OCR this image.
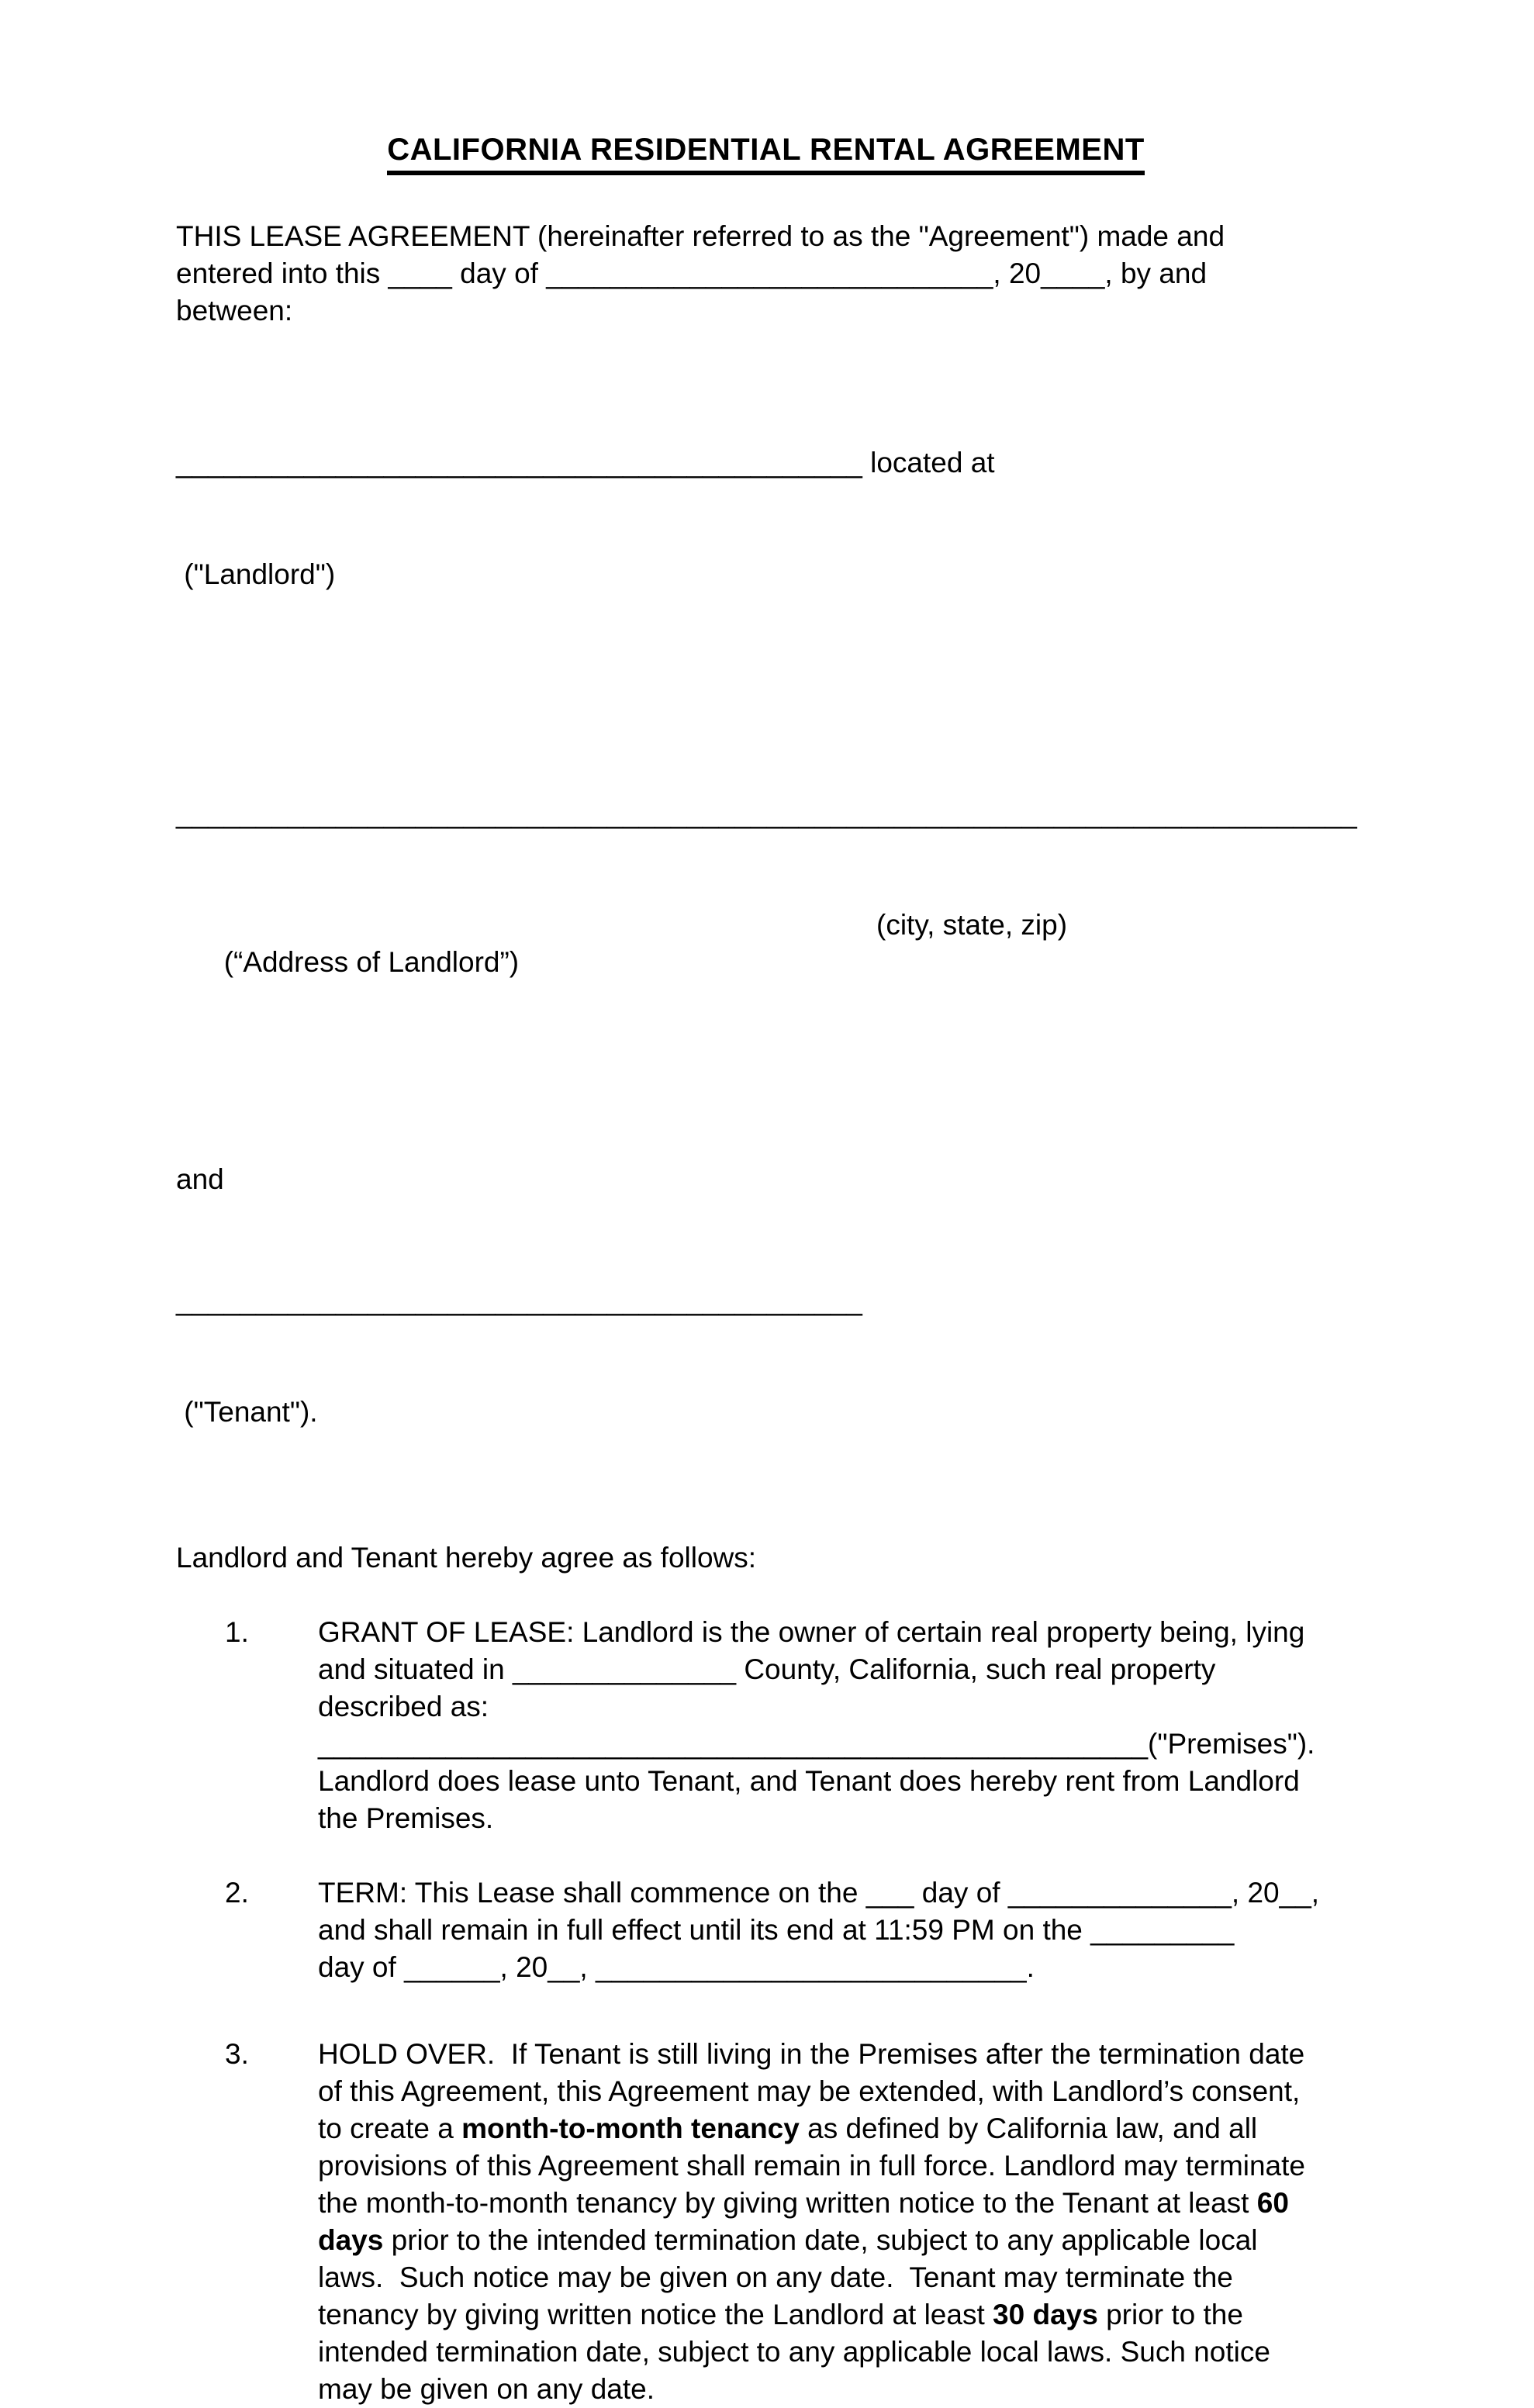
CALIFORNIA RESIDENTIAL RENTAL AGREEMENT
THIS LEASE AGREEMENT (hereinafter referred to as the "Agreement") made and
entered into this ____ day of ____________________________, 20____, by and
between:

___________________________________________ located at

("Landlord")

__________________________________________________________________________

(“Address of Landlord”)

(city, state, zip)

and

___________________________________________

("Tenant").

Landlord and Tenant hereby agree as follows:
1.	GRANT OF LEASE: Landlord is the owner of certain real property being, lying
and situated in ______________ County, California, such real property
described as:
____________________________________________________("Premises").
Landlord does lease unto Tenant, and Tenant does hereby rent from Landlord
the Premises.
2.	TERM: This Lease shall commence on the ___ day of ______________, 20__,
and shall remain in full effect until its end at 11:59 PM on the _________
day of ______, 20__, ___________________________.
3.	HOLD OVER.  If Tenant is still living in the Premises after the termination date of this Agreement, this Agreement may be extended, with Landlord’s consent, to create a month-to-month tenancy as defined by California law, and all provisions of this Agreement shall remain in full force. Landlord may terminate the month-to-month tenancy by giving written notice to the Tenant at least 60 days prior to the intended termination date, subject to any applicable local laws.  Such notice may be given on any date.  Tenant may terminate the tenancy by giving written notice the Landlord at least 30 days prior to the intended termination date, subject to any applicable local laws. Such notice may be given on any date.
